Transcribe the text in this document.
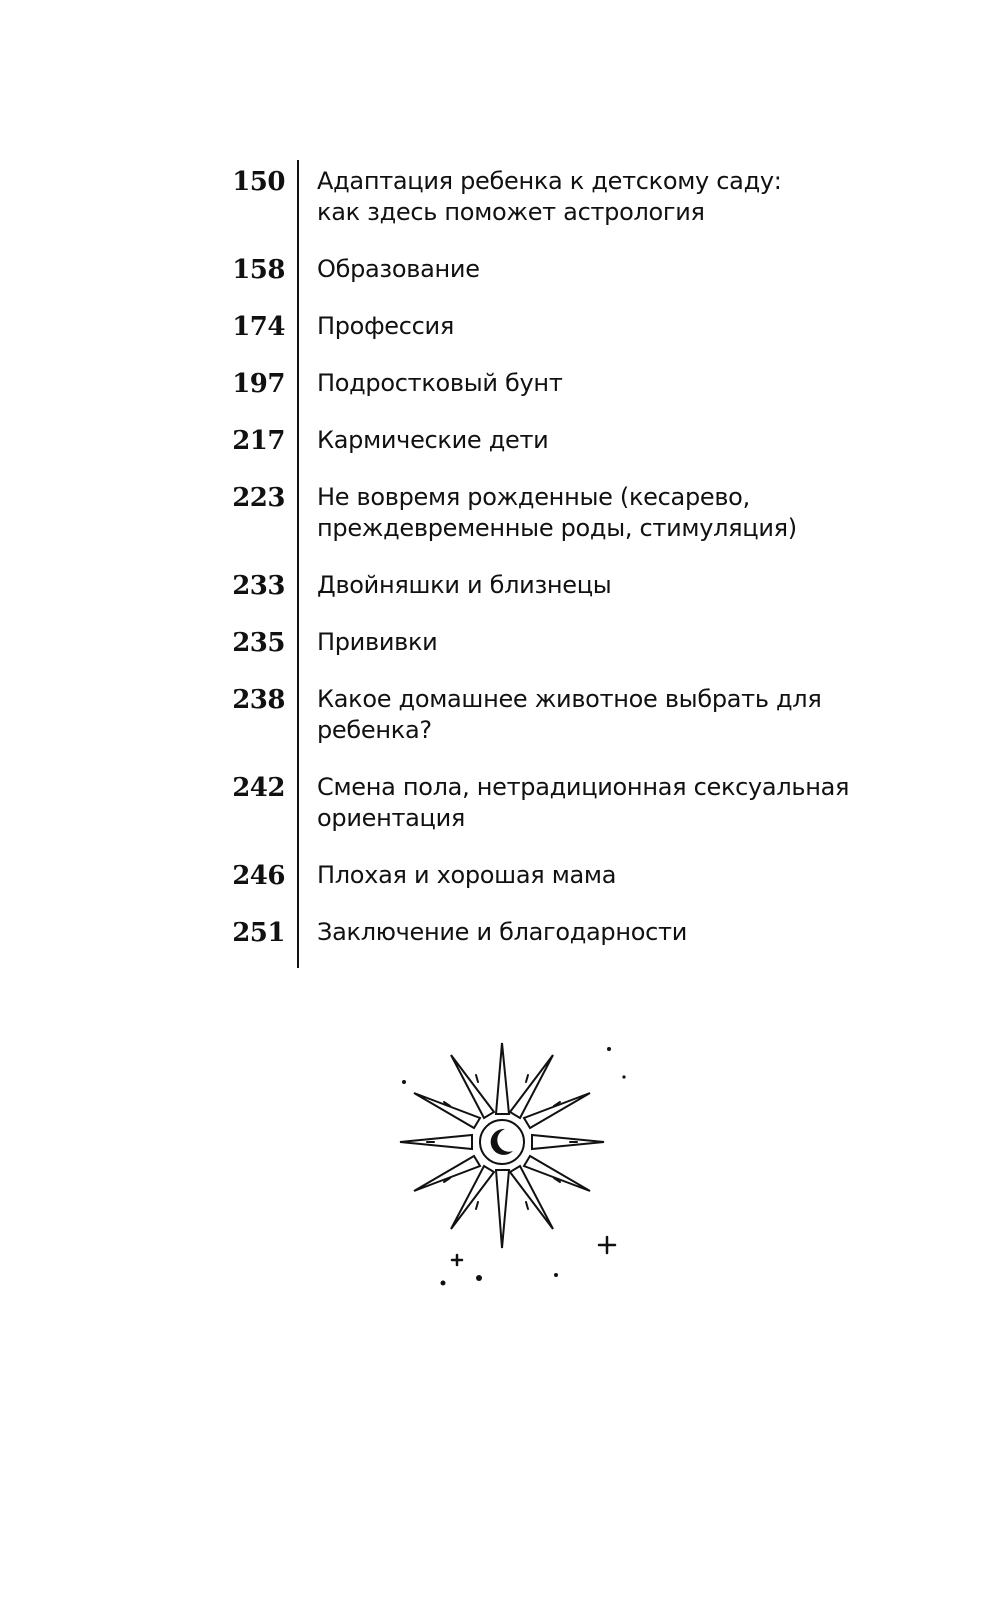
150	Адаптация ребенка к детскому саду:
как здесь поможет астрология
158	Образование
174	Профессия
197	Подростковый бунт
217	Кармические дети
223	Не вовремя рожденные (кесарево,
преждевременные роды, стимуляция)
233	Двойняшки и близнецы
235	Прививки
238	Какое домашнее животное выбрать для
ребенка?
242	Смена пола, нетрадиционная сексуальная
ориентация
246	Плохая и хорошая мама
251	Заключение и благодарности
